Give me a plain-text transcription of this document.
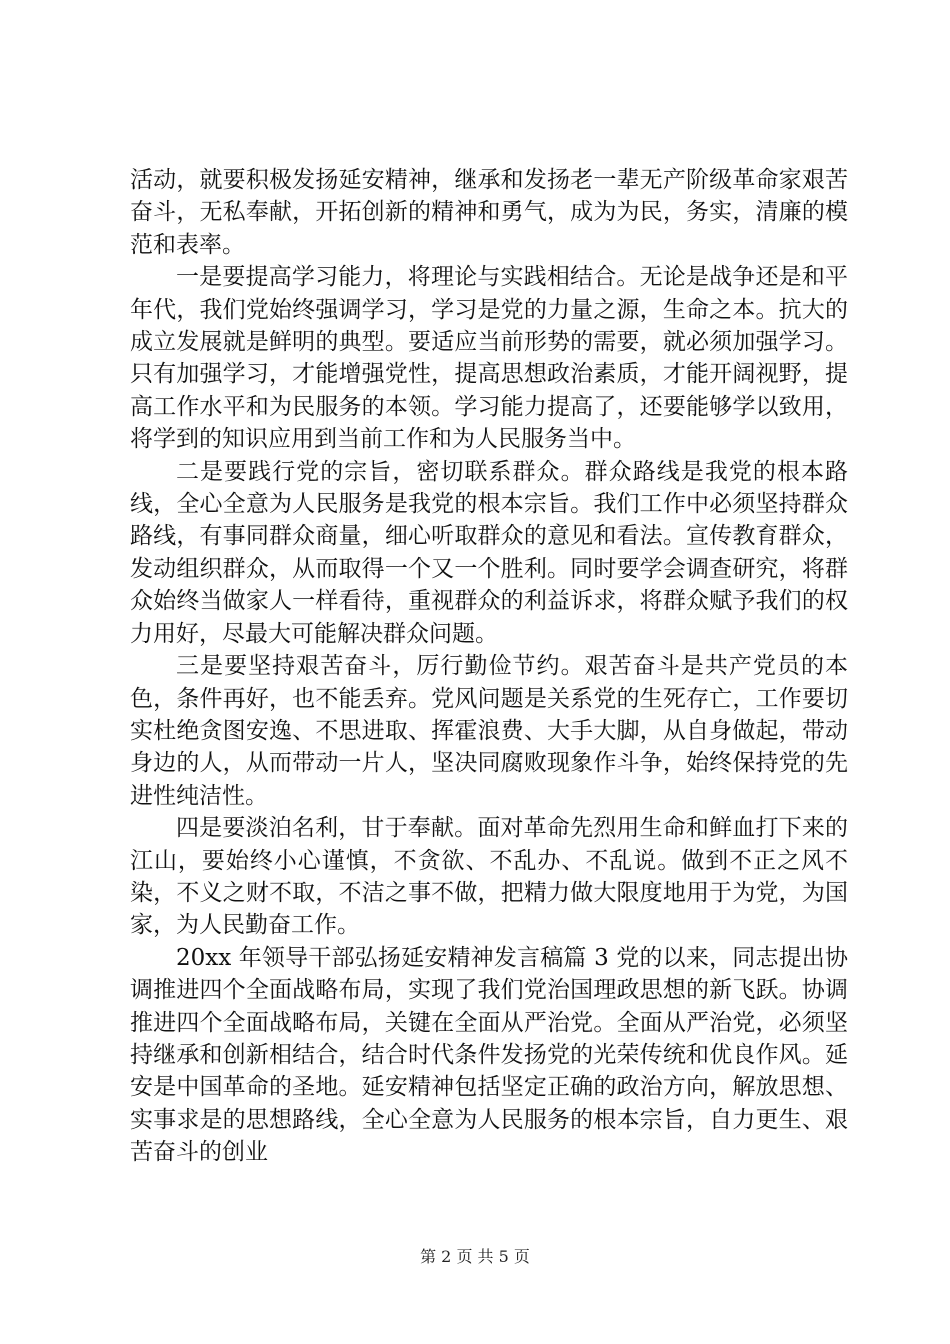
活动，就要积极发扬延安精神，继承和发扬老一辈无产阶级革命家艰苦奋斗，无私奉献，开拓创新的精神和勇气，成为为民，务实，清廉的模范和表率。

一是要提高学习能力，将理论与实践相结合。无论是战争还是和平年代，我们党始终强调学习，学习是党的力量之源，生命之本。抗大的成立发展就是鲜明的典型。要适应当前形势的需要，就必须加强学习。只有加强学习，才能增强党性，提高思想政治素质，才能开阔视野，提高工作水平和为民服务的本领。学习能力提高了，还要能够学以致用，将学到的知识应用到当前工作和为人民服务当中。

二是要践行党的宗旨，密切联系群众。群众路线是我党的根本路线，全心全意为人民服务是我党的根本宗旨。我们工作中必须坚持群众路线，有事同群众商量，细心听取群众的意见和看法。宣传教育群众，发动组织群众，从而取得一个又一个胜利。同时要学会调查研究，将群众始终当做家人一样看待，重视群众的利益诉求，将群众赋予我们的权力用好，尽最大可能解决群众问题。

三是要坚持艰苦奋斗，厉行勤俭节约。艰苦奋斗是共产党员的本色，条件再好，也不能丢弃。党风问题是关系党的生死存亡，工作要切实杜绝贪图安逸、不思进取、挥霍浪费、大手大脚，从自身做起，带动身边的人，从而带动一片人，坚决同腐败现象作斗争，始终保持党的先进性纯洁性。

四是要淡泊名利，甘于奉献。面对革命先烈用生命和鲜血打下来的江山，要始终小心谨慎，不贪欲、不乱办、不乱说。做到不正之风不染，不义之财不取，不洁之事不做，把精力做大限度地用于为党，为国家，为人民勤奋工作。

20xx 年领导干部弘扬延安精神发言稿篇 3 党的以来，同志提出协调推进四个全面战略布局，实现了我们党治国理政思想的新飞跃。协调推进四个全面战略布局，关键在全面从严治党。全面从严治党，必须坚持继承和创新相结合，结合时代条件发扬党的光荣传统和优良作风。延安是中国革命的圣地。延安精神包括坚定正确的政治方向，解放思想、实事求是的思想路线，全心全意为人民服务的根本宗旨，自力更生、艰苦奋斗的创业

第 2 页 共 5 页
